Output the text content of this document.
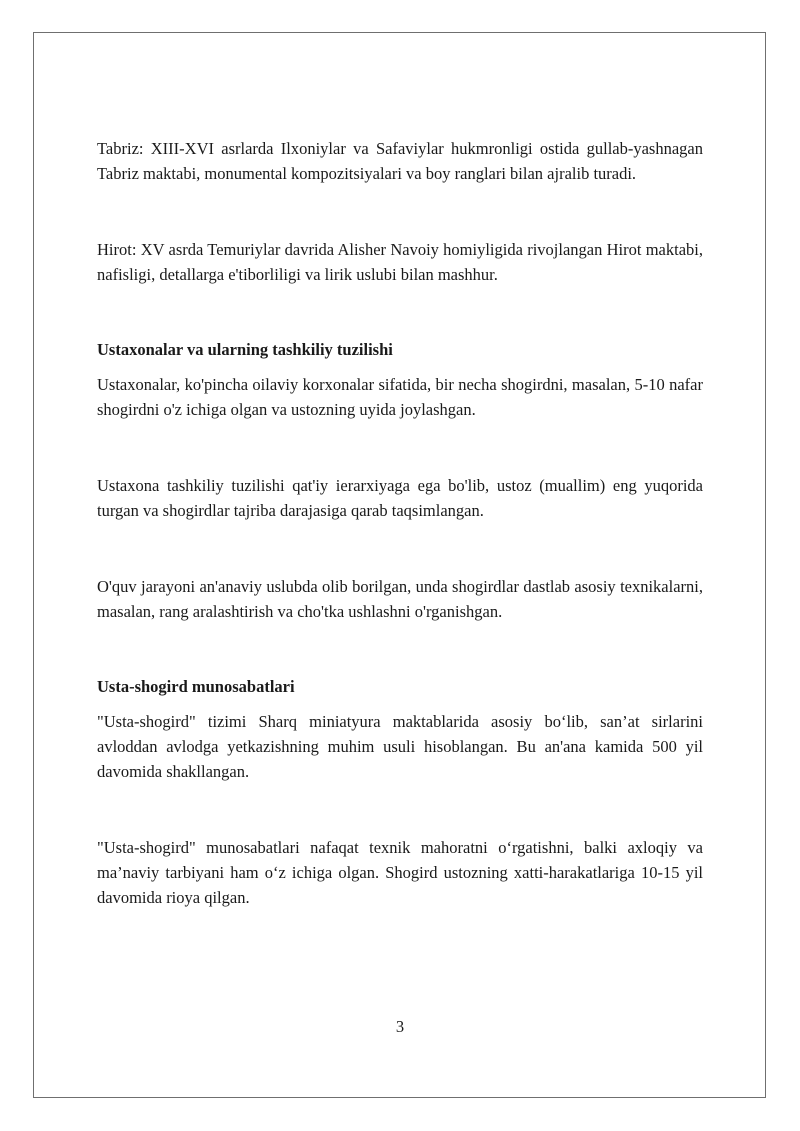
Tabriz: XIII-XVI asrlarda Ilxoniylar va Safaviylar hukmronligi ostida gullab-yashnagan Tabriz maktabi, monumental kompozitsiyalari va boy ranglari bilan ajralib turadi.

Hirot: XV asrda Temuriylar davrida Alisher Navoiy homiyligida rivojlangan Hirot maktabi, nafisligi, detallarga e'tiborliligi va lirik uslubi bilan mashhur.

Ustaxonalar va ularning tashkiliy tuzilishi

Ustaxonalar, ko'pincha oilaviy korxonalar sifatida, bir necha shogirdni, masalan, 5-10 nafar shogirdni o'z ichiga olgan va ustozning uyida joylashgan.

Ustaxona tashkiliy tuzilishi qat'iy ierarxiyaga ega bo'lib, ustoz (muallim) eng yuqorida turgan va shogirdlar tajriba darajasiga qarab taqsimlangan.

O'quv jarayoni an'anaviy uslubda olib borilgan, unda shogirdlar dastlab asosiy texnikalarni, masalan, rang aralashtirish va cho'tka ushlashni o'rganishgan.

Usta-shogird munosabatlari

"Usta-shogird" tizimi Sharq miniatyura maktablarida asosiy bo‘lib, san’at sirlarini avloddan avlodga yetkazishning muhim usuli hisoblangan. Bu an'ana kamida 500 yil davomida shakllangan.

"Usta-shogird" munosabatlari nafaqat texnik mahoratni o‘rgatishni, balki axloqiy va ma’naviy tarbiyani ham o‘z ichiga olgan. Shogird ustozning xatti-harakatlariga 10-15 yil davomida rioya qilgan.

3
